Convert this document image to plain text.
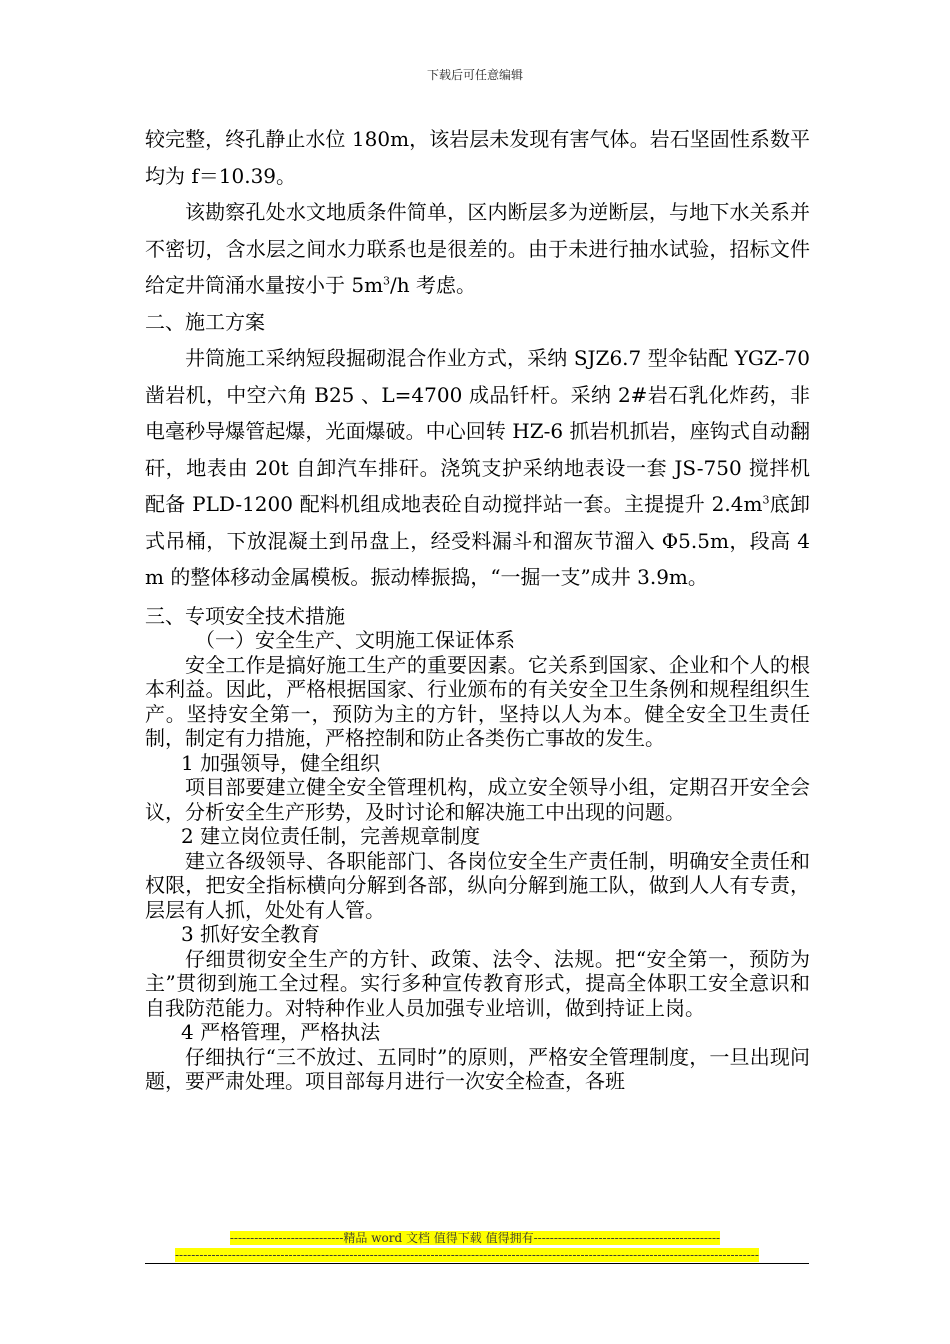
下载后可任意编辑

较完整，终孔静止水位 180m，该岩层未发现有害气体。岩石坚固性系数平均为 f＝10.39。

该勘察孔处水文地质条件简单，区内断层多为逆断层，与地下水关系并不密切，含水层之间水力联系也是很差的。由于未进行抽水试验，招标文件给定井筒涌水量按小于 $5m^3/h$ 考虑。

二、施工方案

井筒施工采纳短段掘砌混合作业方式，采纳 SJZ6.7 型伞钻配 YGZ-70 凿岩机，中空六角 B25 、L=4700 成品钎杆。采纳 2#岩石乳化炸药，非电毫秒导爆管起爆，光面爆破。中心回转 HZ-6 抓岩机抓岩，座钩式自动翻矸，地表由 20t 自卸汽车排矸。浇筑支护采纳地表设一套 JS-750 搅拌机配备 PLD-1200 配料机组成地表砼自动搅拌站一套。主提提升 $2.4m^3$底卸式吊桶，下放混凝土到吊盘上，经受料漏斗和溜灰节溜入 Φ5.5m，段高 4 m 的整体移动金属模板。振动棒振捣，“一掘一支”成井 3.9m。

三、专项安全技术措施

（一）安全生产、文明施工保证体系

安全工作是搞好施工生产的重要因素。它关系到国家、企业和个人的根本利益。因此，严格根据国家、行业颁布的有关安全卫生条例和规程组织生产。坚持安全第一，预防为主的方针，坚持以人为本。健全安全卫生责任制，制定有力措施，严格控制和防止各类伤亡事故的发生。

1 加强领导，健全组织

项目部要建立健全安全管理机构，成立安全领导小组，定期召开安全会议，分析安全生产形势，及时讨论和解决施工中出现的问题。

2 建立岗位责任制，完善规章制度

建立各级领导、各职能部门、各岗位安全生产责任制，明确安全责任和权限，把安全指标横向分解到各部，纵向分解到施工队，做到人人有专责，层层有人抓，处处有人管。

3 抓好安全教育

仔细贯彻安全生产的方针、政策、法令、法规。把“安全第一，预防为主”贯彻到施工全过程。实行多种宣传教育形式，提高全体职工安全意识和自我防范能力。对特种作业人员加强专业培训，做到持证上岗。

4 严格管理，严格执法

仔细执行“三不放过、五同时”的原则，严格安全管理制度，一旦出现问题，要严肃处理。项目部每月进行一次安全检查，各班

----------------------------精品 word 文档 值得下载 值得拥有----------------------------------------------
------------------------------------------------------------------------------------------------------------------------------------------------
